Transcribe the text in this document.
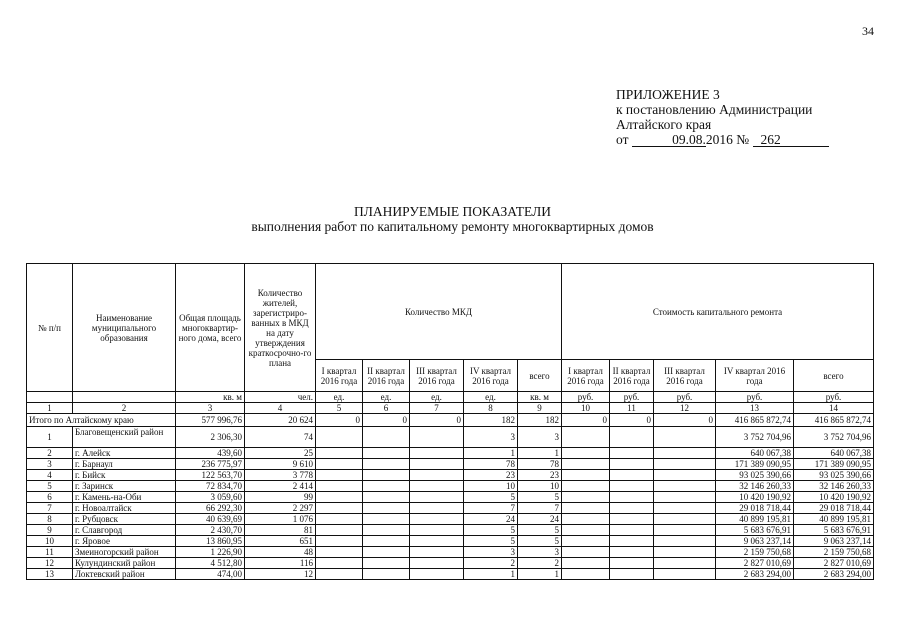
34
ПРИЛОЖЕНИЕ 3
к постановлению Администрации
Алтайского края
от	09.08.2016 № 262
ПЛАНИРУЕМЫЕ ПОКАЗАТЕЛИ
выполнения работ по капитальному ремонту многоквартирных домов
№ п/п	Наименование муниципального образования	Общая площадь многоквартир-ного дома, всего	Количество жителей, зарегистриро-ванных в МКД на дату утверждения краткосрочно-го плана	Количество МКД					Стоимость капитального ремонта				
				I квартал 2016 года	II квартал 2016 года	III квартал 2016 года	IV квартал 2016 года	всего	I квартал 2016 года	II квартал 2016 года	III квартал 2016 года	IV квартал 2016 года	всего
		кв. м	чел.	ед.	ед.	ед.	ед.	кв. м	руб.	руб.	руб.	руб.	руб.
1	2	3	4	5	6	7	8	9	10	11	12	13	14
Итого по Алтайскому краю		577 996,76	20 624	0	0	0	182	182	0	0	0	416 865 872,74	416 865 872,74
1	Благовещенский район	2 306,30	74				3	3				3 752 704,96	3 752 704,96
2	г. Алейск	439,60	25				1	1				640 067,38	640 067,38
3	г. Барнаул	236 775,97	9 610				78	78				171 389 090,95	171 389 090,95
4	г. Бийск	122 563,70	3 778				23	23				93 025 390,66	93 025 390,66
5	г. Заринск	72 834,70	2 414				10	10				32 146 260,33	32 146 260,33
6	г. Камень-на-Оби	3 059,60	99				5	5				10 420 190,92	10 420 190,92
7	г. Новоалтайск	66 292,30	2 297				7	7				29 018 718,44	29 018 718,44
8	г. Рубцовск	40 639,69	1 076				24	24				40 899 195,81	40 899 195,81
9	г. Славгород	2 430,70	81				5	5				5 683 676,91	5 683 676,91
10	г. Яровое	13 860,95	651				5	5				9 063 237,14	9 063 237,14
11	Змеиногорский район	1 226,90	48				3	3				2 159 750,68	2 159 750,68
12	Кулундинский район	4 512,80	116				2	2				2 827 010,69	2 827 010,69
13	Локтевский район	474,00	12				1	1				2 683 294,00	2 683 294,00
